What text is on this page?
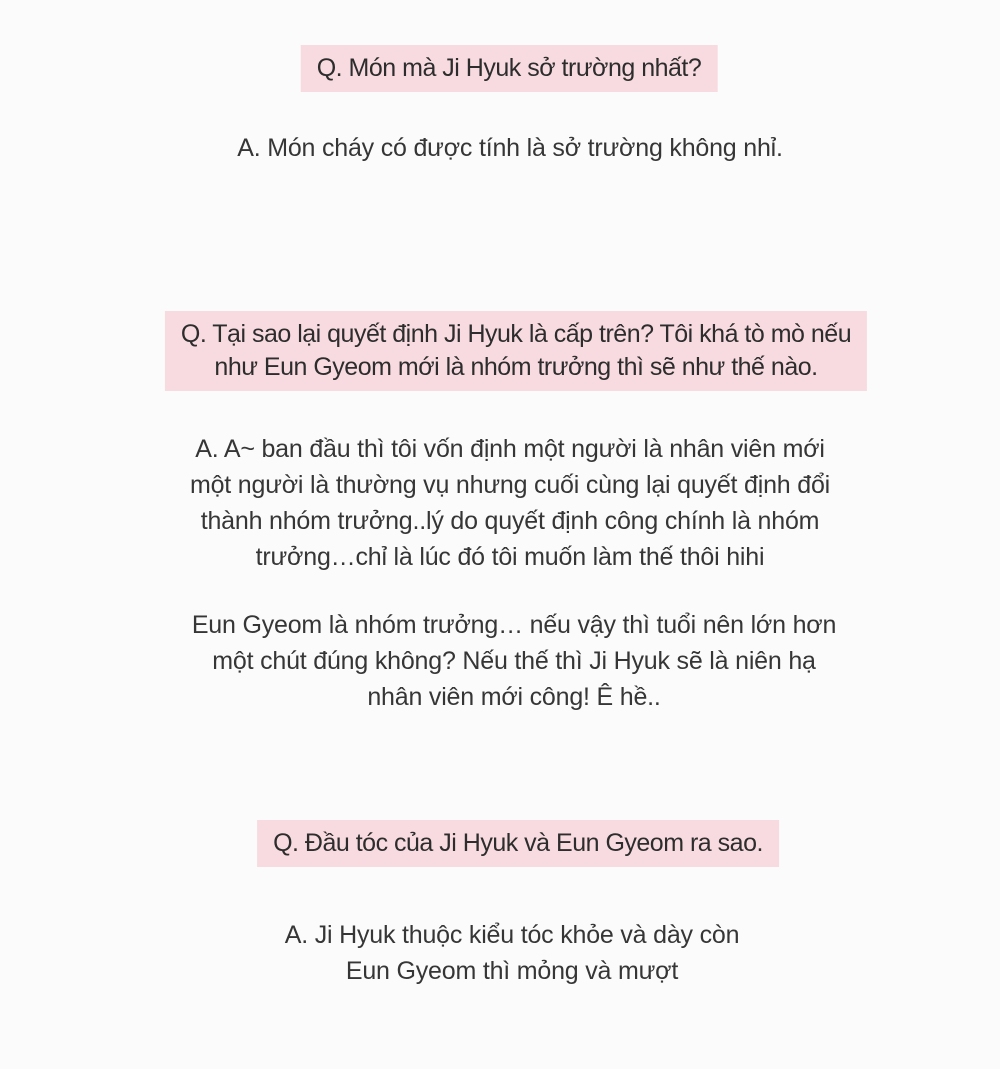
Q. Món mà Ji Hyuk sở trường nhất?
A. Món cháy có được tính là sở trường không nhỉ.
Q. Tại sao lại quyết định Ji Hyuk là cấp trên? Tôi khá tò mò nếu
như Eun Gyeom mới là nhóm trưởng thì sẽ như thế nào.
A. A~ ban đầu thì tôi vốn định một người là nhân viên mới
một người là thường vụ nhưng cuối cùng lại quyết định đổi
thành nhóm trưởng..lý do quyết định công chính là nhóm
trưởng…chỉ là lúc đó tôi muốn làm thế thôi hihi
Eun Gyeom là nhóm trưởng… nếu vậy thì tuổi nên lớn hơn
một chút đúng không? Nếu thế thì Ji Hyuk sẽ là niên hạ
nhân viên mới công! Ê hề..
Q. Đầu tóc của Ji Hyuk và Eun Gyeom ra sao.
A. Ji Hyuk thuộc kiểu tóc khỏe và dày còn
Eun Gyeom thì mỏng và mượt
